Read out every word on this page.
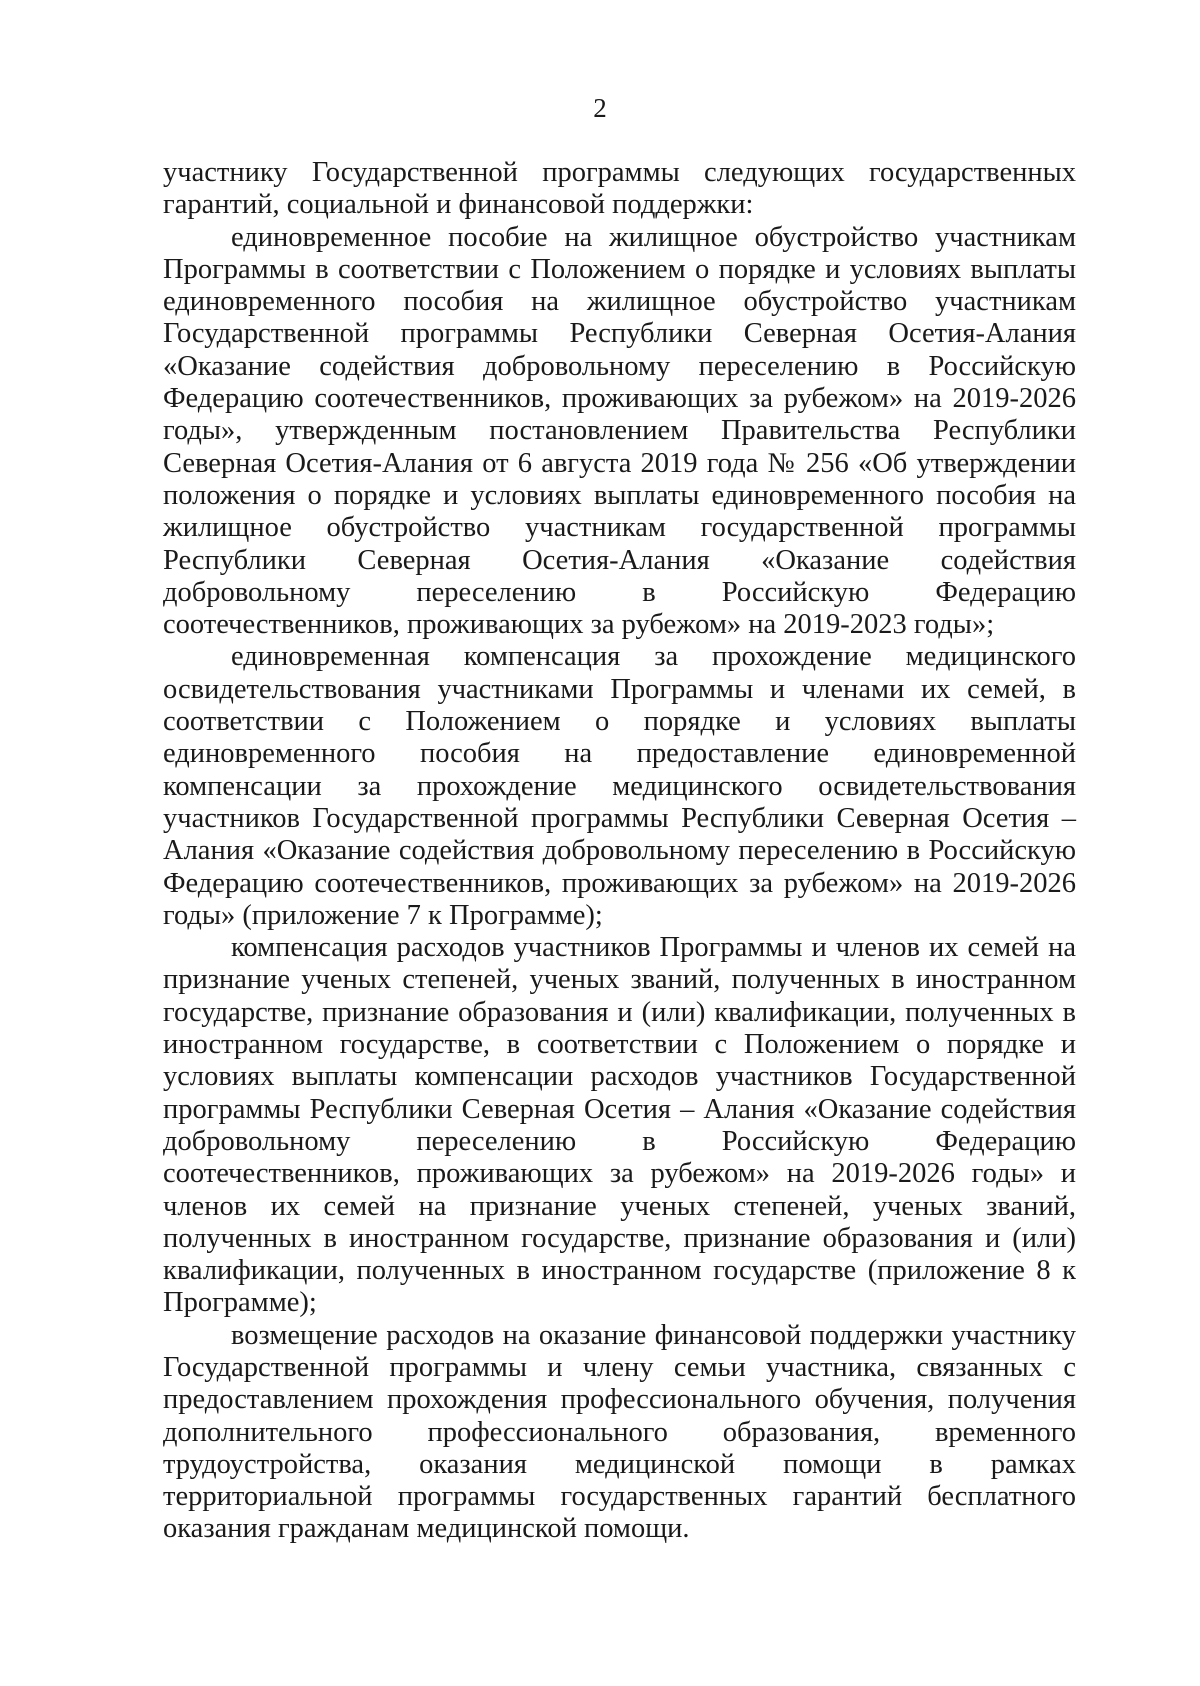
2

участнику Государственной программы следующих государственных гарантий, социальной и финансовой поддержки:

единовременное пособие на жилищное обустройство участникам Программы в соответствии с Положением о порядке и условиях выплаты единовременного пособия на жилищное обустройство участникам Государственной программы Республики Северная Осетия-Алания «Оказание содействия добровольному переселению в Российскую Федерацию соотечественников, проживающих за рубежом» на 2019-2026 годы», утвержденным постановлением Правительства Республики Северная Осетия-Алания от 6 августа 2019 года № 256 «Об утверждении положения о порядке и условиях выплаты единовременного пособия на жилищное обустройство участникам государственной программы Республики Северная Осетия-Алания «Оказание содействия добровольному переселению в Российскую Федерацию соотечественников, проживающих за рубежом» на 2019-2023 годы»;

единовременная компенсация за прохождение медицинского освидетельствования участниками Программы и членами их семей, в соответствии с Положением о порядке и условиях выплаты единовременного пособия на предоставление единовременной компенсации за прохождение медицинского освидетельствования участников Государственной программы Республики Северная Осетия – Алания «Оказание содействия добровольному переселению в Российскую Федерацию соотечественников, проживающих за рубежом» на 2019-2026 годы» (приложение 7 к Программе);

компенсация расходов участников Программы и членов их семей на признание ученых степеней, ученых званий, полученных в иностранном государстве, признание образования и (или) квалификации, полученных в иностранном государстве, в соответствии с Положением о порядке и условиях выплаты компенсации расходов участников Государственной программы Республики Северная Осетия – Алания «Оказание содействия добровольному переселению в Российскую Федерацию соотечественников, проживающих за рубежом» на 2019-2026 годы» и членов их семей на признание ученых степеней, ученых званий, полученных в иностранном государстве, признание образования и (или) квалификации, полученных в иностранном государстве (приложение 8 к Программе);

возмещение расходов на оказание финансовой поддержки участнику Государственной программы и члену семьи участника, связанных с предоставлением прохождения профессионального обучения, получения дополнительного профессионального образования, временного трудоустройства, оказания медицинской помощи в рамках территориальной программы государственных гарантий бесплатного оказания гражданам медицинской помощи.
